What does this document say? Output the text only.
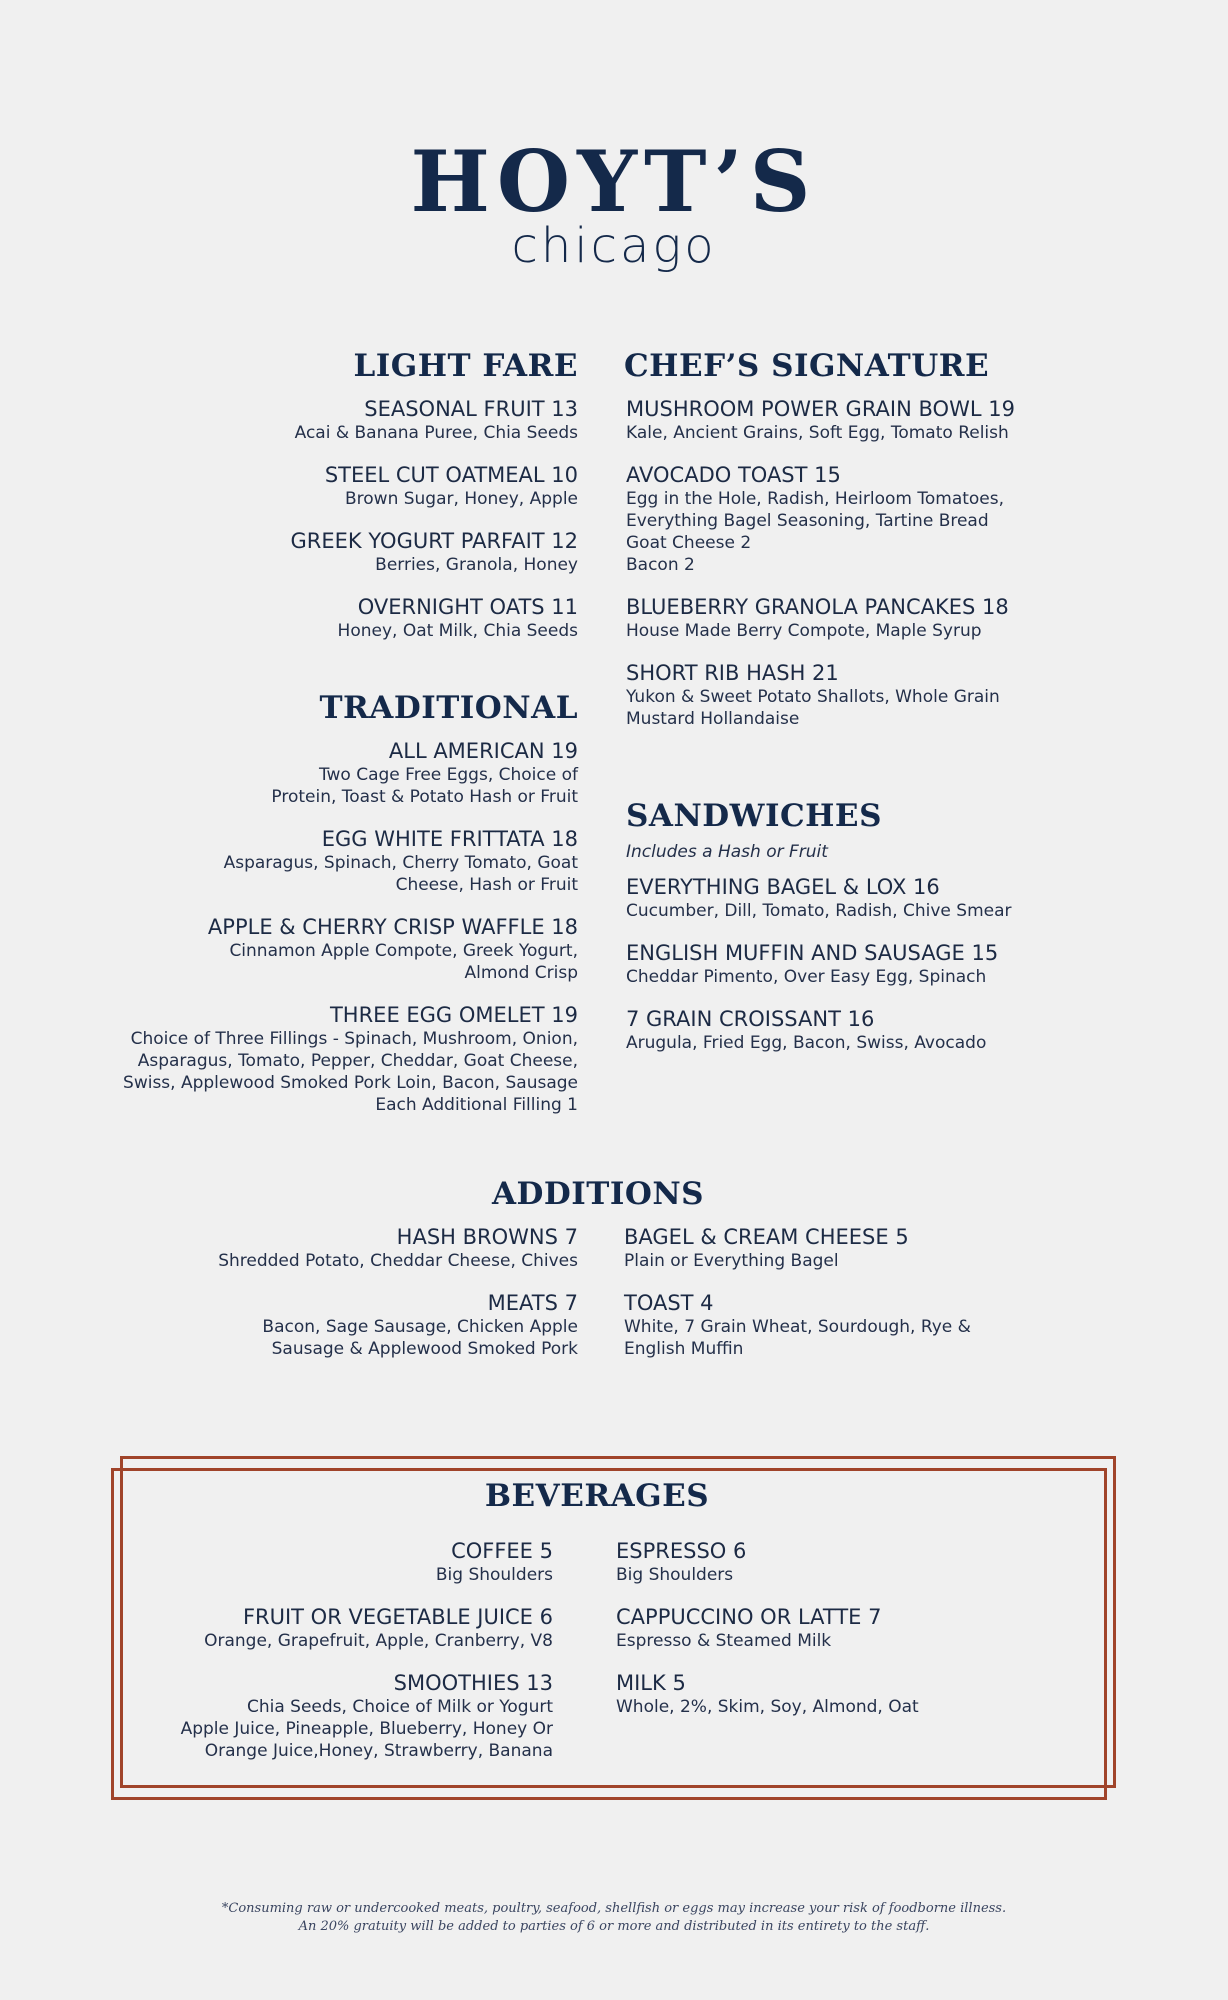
HOYT’S
chicago
LIGHT FARE
SEASONAL FRUIT 13
Acai & Banana Puree, Chia Seeds
STEEL CUT OATMEAL 10
Brown Sugar, Honey, Apple
GREEK YOGURT PARFAIT 12
Berries, Granola, Honey
OVERNIGHT OATS 11
Honey, Oat Milk, Chia Seeds
CHEF’S SIGNATURE
MUSHROOM POWER GRAIN BOWL 19
Kale, Ancient Grains, Soft Egg, Tomato Relish
AVOCADO TOAST 15
Egg in the Hole, Radish, Heirloom Tomatoes,
Everything Bagel Seasoning, Tartine Bread
Goat Cheese 2
Bacon 2
BLUEBERRY GRANOLA PANCAKES 18
House Made Berry Compote, Maple Syrup
SHORT RIB HASH 21
Yukon & Sweet Potato Shallots, Whole Grain
Mustard Hollandaise
TRADITIONAL
ALL AMERICAN 19
Two Cage Free Eggs, Choice of
Protein, Toast & Potato Hash or Fruit
EGG WHITE FRITTATA 18
Asparagus, Spinach, Cherry Tomato, Goat
Cheese, Hash or Fruit
APPLE & CHERRY CRISP WAFFLE 18
Cinnamon Apple Compote, Greek Yogurt,
Almond Crisp
THREE EGG OMELET 19
Choice of Three Fillings - Spinach, Mushroom, Onion,
Asparagus, Tomato, Pepper, Cheddar, Goat Cheese,
Swiss, Applewood Smoked Pork Loin, Bacon, Sausage
Each Additional Filling 1
SANDWICHES
Includes a Hash or Fruit
EVERYTHING BAGEL & LOX 16
Cucumber, Dill, Tomato, Radish, Chive Smear
ENGLISH MUFFIN AND SAUSAGE 15
Cheddar Pimento, Over Easy Egg, Spinach
7 GRAIN CROISSANT 16
Arugula, Fried Egg, Bacon, Swiss, Avocado
ADDITIONS
HASH BROWNS 7
Shredded Potato, Cheddar Cheese, Chives
MEATS 7
Bacon, Sage Sausage, Chicken Apple
Sausage & Applewood Smoked Pork
BAGEL & CREAM CHEESE 5
Plain or Everything Bagel
TOAST 4
White, 7 Grain Wheat, Sourdough, Rye &
English Muffin
BEVERAGES
COFFEE 5
Big Shoulders
FRUIT OR VEGETABLE JUICE 6
Orange, Grapefruit, Apple, Cranberry, V8
SMOOTHIES 13
Chia Seeds, Choice of Milk or Yogurt
Apple Juice, Pineapple, Blueberry, Honey Or
Orange Juice,Honey, Strawberry, Banana
ESPRESSO 6
Big Shoulders
CAPPUCCINO OR LATTE 7
Espresso & Steamed Milk
MILK 5
Whole, 2%, Skim, Soy, Almond, Oat
*Consuming raw or undercooked meats, poultry, seafood, shellfish or eggs may increase your risk of foodborne illness.
An 20% gratuity will be added to parties of 6 or more and distributed in its entirety to the staff.
